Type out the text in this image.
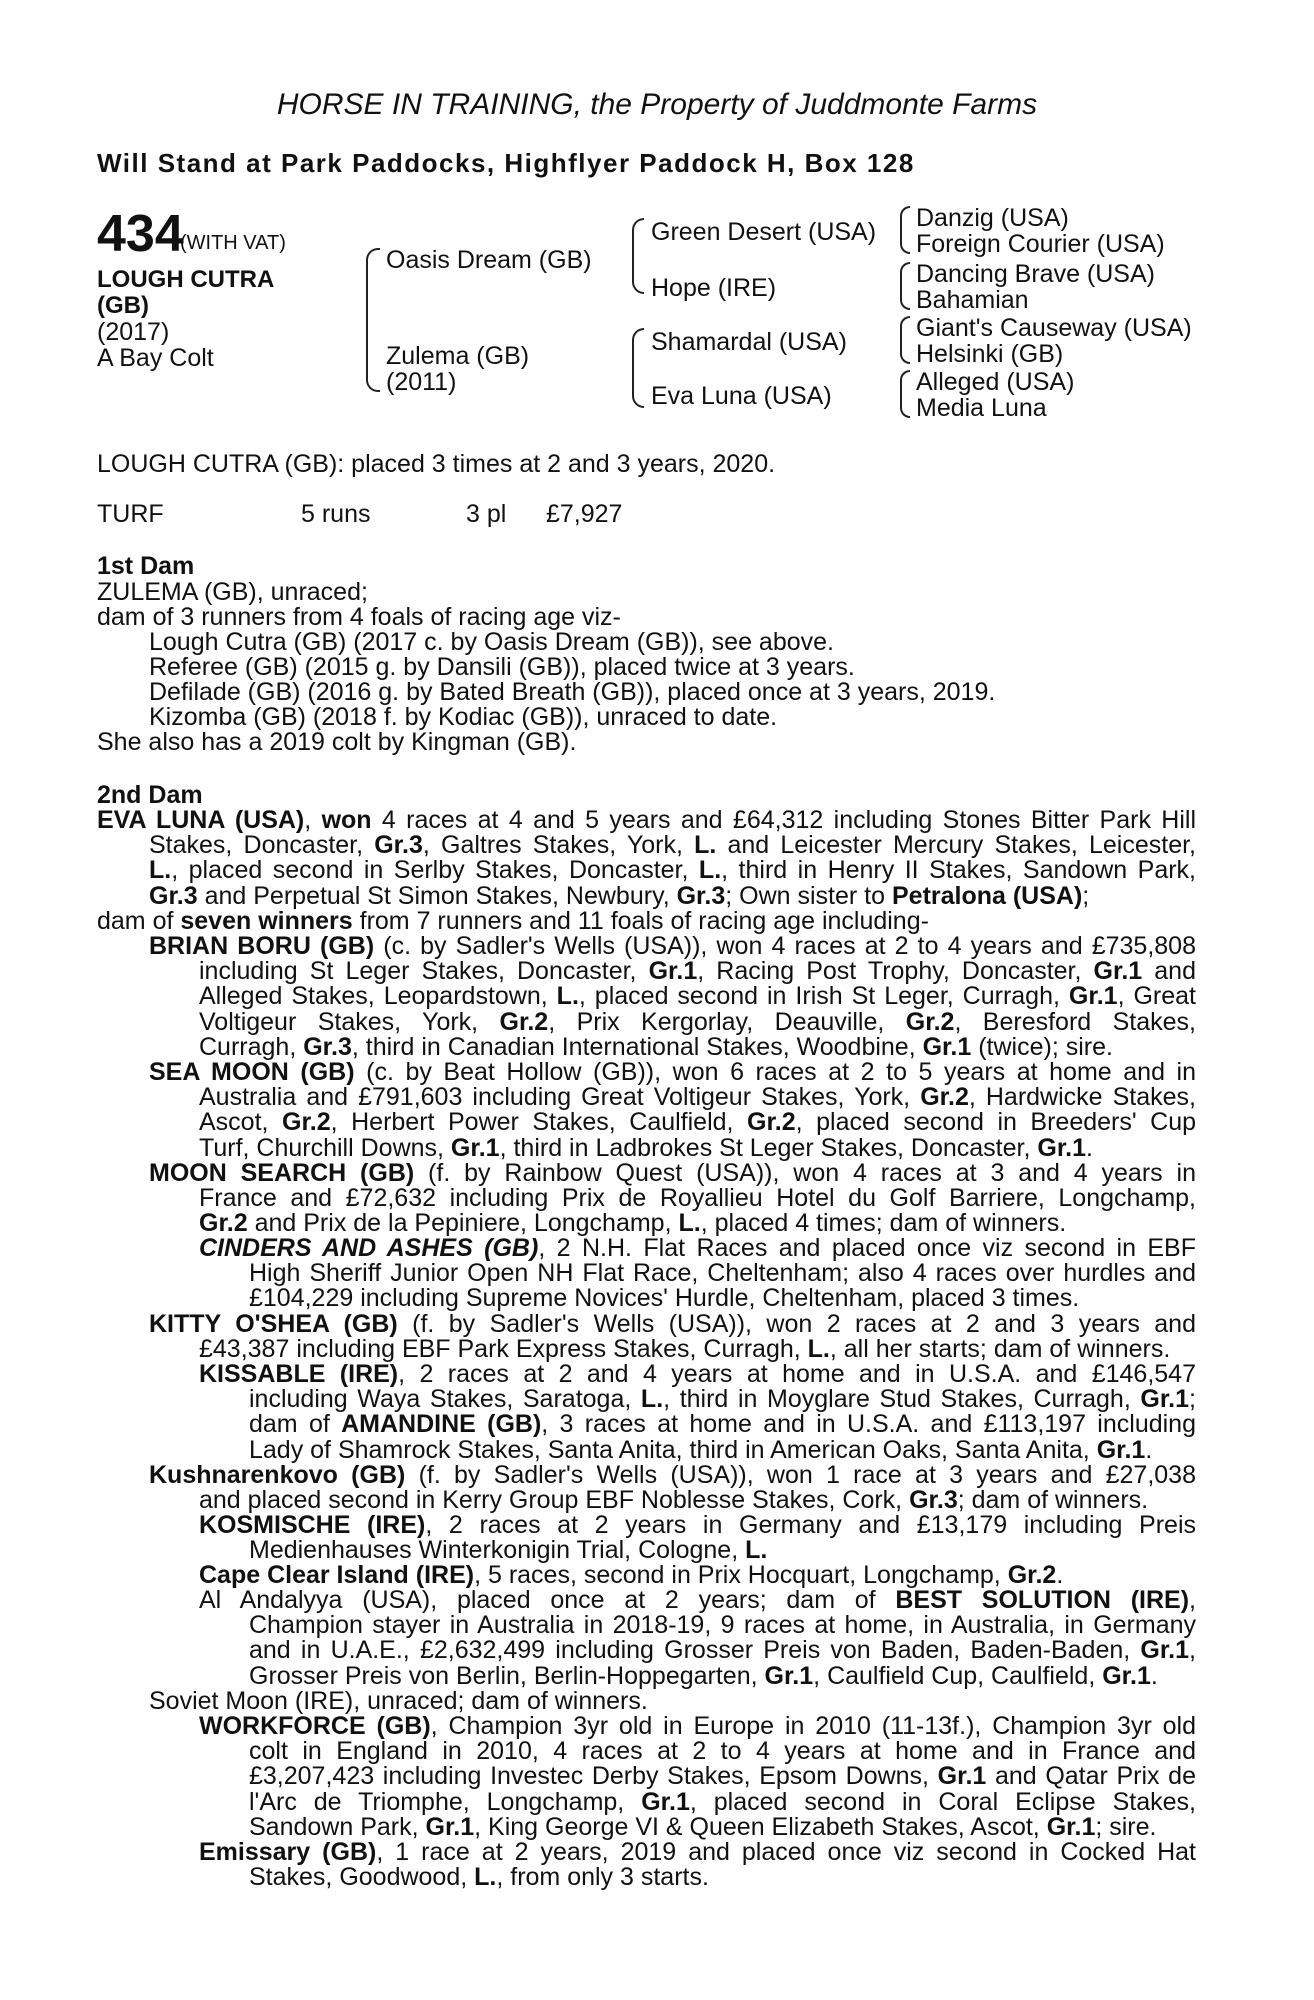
HORSE IN TRAINING, the Property of Juddmonte Farms
Will Stand at Park Paddocks, Highflyer Paddock H, Box 128
434
(WITH VAT)
LOUGH CUTRA
(GB)
(2017)
A Bay Colt
Oasis Dream (GB)
Zulema (GB)
(2011)
Green Desert (USA)
Hope (IRE)
Shamardal (USA)
Eva Luna (USA)
Danzig (USA)
Foreign Courier (USA)
Dancing Brave (USA)
Bahamian
Giant's Causeway (USA)
Helsinki (GB)
Alleged (USA)
Media Luna
LOUGH CUTRA (GB): placed 3 times at 2 and 3 years, 2020.
TURF	5 runs	3 pl £7,927
1st Dam
ZULEMA (GB), unraced;
dam of 3 runners from 4 foals of racing age viz-
Lough Cutra (GB) (2017 c. by Oasis Dream (GB)), see above.
Referee (GB) (2015 g. by Dansili (GB)), placed twice at 3 years.
Defilade (GB) (2016 g. by Bated Breath (GB)), placed once at 3 years, 2019.
Kizomba (GB) (2018 f. by Kodiac (GB)), unraced to date.
She also has a 2019 colt by Kingman (GB).
2nd Dam
EVA LUNA (USA), won 4 races at 4 and 5 years and £64,312 including Stones Bitter Park Hill
Stakes, Doncaster, Gr.3, Galtres Stakes, York, L. and Leicester Mercury Stakes, Leicester,
L., placed second in Serlby Stakes, Doncaster, L., third in Henry II Stakes, Sandown Park,
Gr.3 and Perpetual St Simon Stakes, Newbury, Gr.3; Own sister to Petralona (USA);
dam of seven winners from 7 runners and 11 foals of racing age including-
BRIAN BORU (GB) (c. by Sadler's Wells (USA)), won 4 races at 2 to 4 years and £735,808
including St Leger Stakes, Doncaster, Gr.1, Racing Post Trophy, Doncaster, Gr.1 and
Alleged Stakes, Leopardstown, L., placed second in Irish St Leger, Curragh, Gr.1, Great
Voltigeur Stakes, York, Gr.2, Prix Kergorlay, Deauville, Gr.2, Beresford Stakes,
Curragh, Gr.3, third in Canadian International Stakes, Woodbine, Gr.1 (twice); sire.
SEA MOON (GB) (c. by Beat Hollow (GB)), won 6 races at 2 to 5 years at home and in
Australia and £791,603 including Great Voltigeur Stakes, York, Gr.2, Hardwicke Stakes,
Ascot, Gr.2, Herbert Power Stakes, Caulfield, Gr.2, placed second in Breeders' Cup
Turf, Churchill Downs, Gr.1, third in Ladbrokes St Leger Stakes, Doncaster, Gr.1.
MOON SEARCH (GB) (f. by Rainbow Quest (USA)), won 4 races at 3 and 4 years in
France and £72,632 including Prix de Royallieu Hotel du Golf Barriere, Longchamp,
Gr.2 and Prix de la Pepiniere, Longchamp, L., placed 4 times; dam of winners.
CINDERS AND ASHES (GB), 2 N.H. Flat Races and placed once viz second in EBF
High Sheriff Junior Open NH Flat Race, Cheltenham; also 4 races over hurdles and
£104,229 including Supreme Novices' Hurdle, Cheltenham, placed 3 times.
KITTY O'SHEA (GB) (f. by Sadler's Wells (USA)), won 2 races at 2 and 3 years and
£43,387 including EBF Park Express Stakes, Curragh, L., all her starts; dam of winners.
KISSABLE (IRE), 2 races at 2 and 4 years at home and in U.S.A. and £146,547
including Waya Stakes, Saratoga, L., third in Moyglare Stud Stakes, Curragh, Gr.1;
dam of AMANDINE (GB), 3 races at home and in U.S.A. and £113,197 including
Lady of Shamrock Stakes, Santa Anita, third in American Oaks, Santa Anita, Gr.1.
Kushnarenkovo (GB) (f. by Sadler's Wells (USA)), won 1 race at 3 years and £27,038
and placed second in Kerry Group EBF Noblesse Stakes, Cork, Gr.3; dam of winners.
KOSMISCHE (IRE), 2 races at 2 years in Germany and £13,179 including Preis
Medienhauses Winterkonigin Trial, Cologne, L.
Cape Clear Island (IRE), 5 races, second in Prix Hocquart, Longchamp, Gr.2.
Al Andalyya (USA), placed once at 2 years; dam of BEST SOLUTION (IRE),
Champion stayer in Australia in 2018-19, 9 races at home, in Australia, in Germany
and in U.A.E., £2,632,499 including Grosser Preis von Baden, Baden-Baden, Gr.1,
Grosser Preis von Berlin, Berlin-Hoppegarten, Gr.1, Caulfield Cup, Caulfield, Gr.1.
Soviet Moon (IRE), unraced; dam of winners.
WORKFORCE (GB), Champion 3yr old in Europe in 2010 (11-13f.), Champion 3yr old
colt in England in 2010, 4 races at 2 to 4 years at home and in France and
£3,207,423 including Investec Derby Stakes, Epsom Downs, Gr.1 and Qatar Prix de
l'Arc de Triomphe, Longchamp, Gr.1, placed second in Coral Eclipse Stakes,
Sandown Park, Gr.1, King George VI & Queen Elizabeth Stakes, Ascot, Gr.1; sire.
Emissary (GB), 1 race at 2 years, 2019 and placed once viz second in Cocked Hat
Stakes, Goodwood, L., from only 3 starts.
